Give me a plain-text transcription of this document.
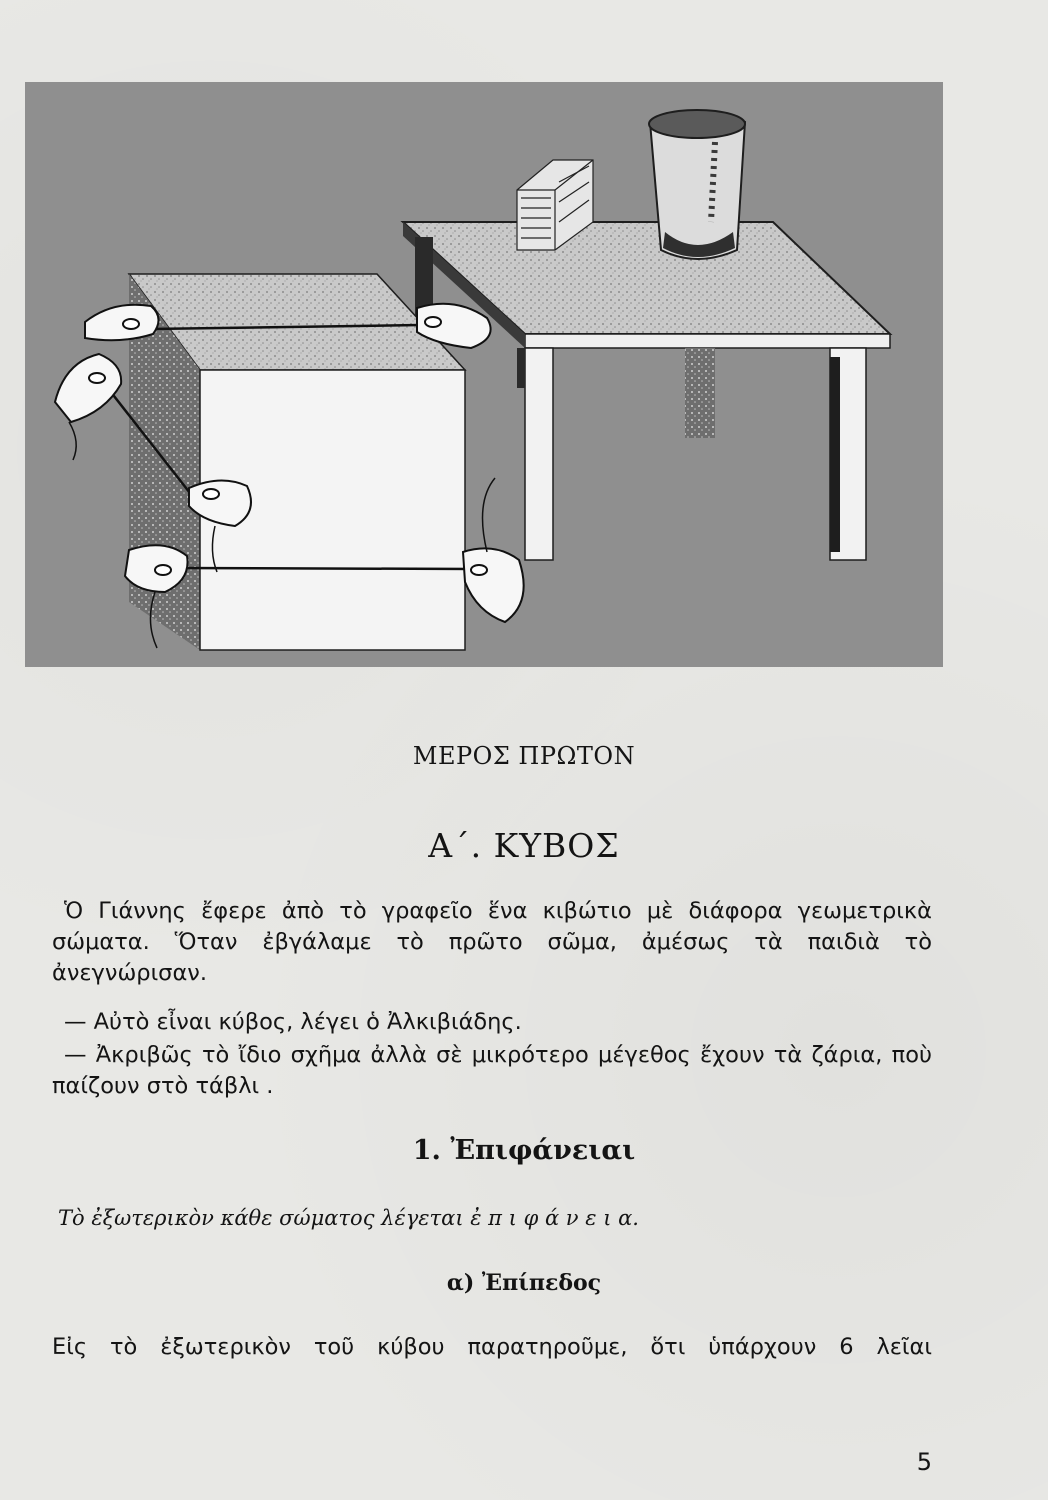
ΜΕΡΟΣ ΠΡΩΤΟΝ
Α΄. ΚΥΒΟΣ

Ὁ Γιάννης ἔφερε ἀπὸ τὸ γραφεῖο ἕνα κιβώτιο μὲ διάφορα γεωμετρικὰ σώματα. Ὅταν ἐβγάλαμε τὸ πρῶτο σῶμα, ἀμέσως τὰ παιδιὰ τὸ ἀνεγνώρισαν.

— Αὐτὸ εἶναι κύβος, λέγει ὁ Ἀλκιβιάδης.

— Ἀκριβῶς τὸ ἴδιο σχῆμα ἀλλὰ σὲ μικρότερο μέγεθος ἔχουν τὰ ζάρια, ποὺ παίζουν στὸ τάβλι .

1. Ἐπιφάνειαι
Τὸ ἐξωτερικὸν κάθε σώματος λέγεται ἐ π ι φ ά ν ε ι α.
α) Ἐπίπεδος

Εἰς τὸ ἐξωτερικὸν τοῦ κύβου παρατηροῦμε, ὅτι ὑπάρχουν 6 λεῖαι

5
